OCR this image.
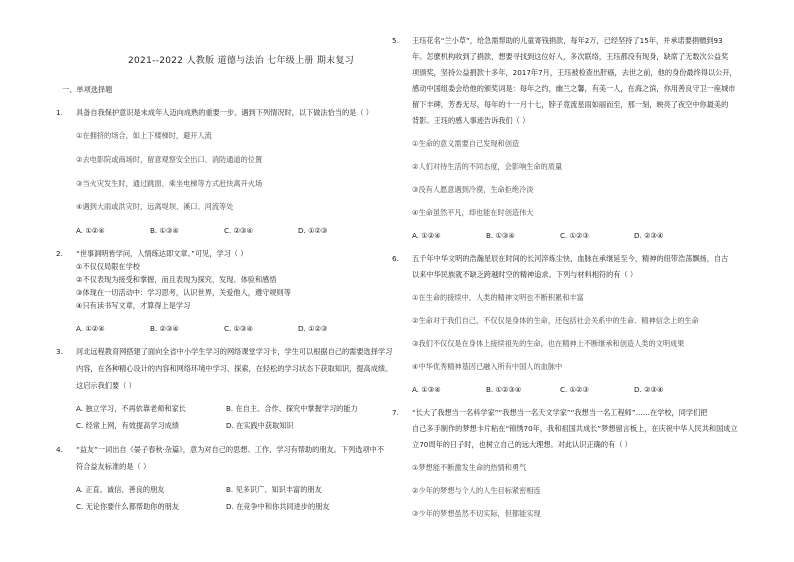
2021--2022 人教版 道德与法治 七年级上册 期末复习
一、单项选择题
1. 具备自我保护意识是未成年人迈向成熟的重要一步。遇到下列情况时，以下做法恰当的是（ ）
①在拥挤的场合，如上下楼梯时，避开人流
②去电影院或商场时，留意观察安全出口、消防通道的位置
③当火灾发生时，通过跳窗、乘坐电梯等方式赶快离开火场
④遇到大雨或洪灾时，远离堤坝、溪口、河流等处
A. ①②④	B. ①③④	C. ②③④	D. ①②③
2. “世事洞明皆学问，人情练达即文章。”可见，学习（ ）
①不仅仅局限在学校
②不仅表现为接受和掌握，而且表现为探究、发现、体验和感悟
③体现在一切活动中：学习思考，认识世界，关爱他人，遵守规则等
④只有读书写文章，才算得上是学习
A. ①②④	B. ②③④	C. ①③④	D. ①②③
3. 河北远程教育网搭建了面向全省中小学生学习的网络课堂学习卡，学生可以根据自己的需要选择学习
内容，在各种精心设计的内容和网络环境中学习、探索，在轻松的学习状态下获取知识，提高成绩。
这启示我们要（ ）
A. 独立学习，不再依靠老师和家长	B. 在自主、合作、探究中掌握学习的能力
C. 经常上网，有效提高学习成绩	D. 在实践中获取知识
4. “益友”一词出自《晏子春秋·杂篇》，意为对自己的思想、工作、学习有帮助的朋友。下列选项中不
符合益友标准的是（ ）
A. 正直、诚信、善良的朋友	B. 见多识广、知识丰富的朋友
C. 无论你要什么都帮助你的朋友	D. 在竞争中和你共同进步的朋友
5. 王珏花名“兰小草”，给急需帮助的儿童寄钱捐款，每年2万，已经坚持了15年，并承诺要捐赠到93
年。怎麽机构收到了捐款，想要寻找到这位好人，多次联络，王珏都没有现身，缺席了无数次公益奖
项颁奖，坚持公益捐款十多年，2017年7月，王珏被检查出肝癌，去世之前，他的身份最终得以公开，
感动中国组委会给他的颁奖词是：每年之约，幽兰之馨，有美一人，在海之滨，你用善良守卫一座城市
留下丰碑，芳香无尽，每年的十一月十七，脖子竟流星雨如丽而至，那一刻，映亮了夜空中你最美的
背影。王珏的感人事迹告诉我们（ ）
①生命的意义需要自己发现和创造
②人们对待生活的不同态度，会影响生命的质量
③没有人愿意遇到冷漠，生命拒绝冷淡
④生命虽然平凡，却也能在时创造伟大
A. ①②④	B. ①③④	C. ①②③	D. ②③④
6. 五千年中华文明的浩瀚星辰在时间的长河淬炼尘快，血脉在承继延至今，精神的纽带浩荡飘扬，自古
以来中华民族就不缺乏跨越时空的精神追求。下列与材料相符的有（ ）
①在生命的接续中，人类的精神文明也不断积累和丰富
②生命对于我们自己，不仅仅是身体的生命，还包括社会关系中的生命、精神信念上的生命
③我们不仅仅是在身体上接续祖先的生命，也在精神上不断继承和创造人类的文明成果
④中华优秀精神基因已融入所有中国人的血脉中
A. ①③④	B. ①②③④	C. ①②③	D. ②③④
7. “长大了我想当一名科学家”“我想当一名天文学家”“我想当一名工程师”……在学校，同学们把
自己多手制作的梦想卡片粘在“锦绣70年，我和祖国共成长”梦想留言板上，在庆祝中华人民共和国成立
立70周年的日子时，也树立自己的远大理想。对此认识正确的有（ ）
①梦想能不断激发生命的热情和勇气
②少年的梦想与个人的人生目标紧密相连
③少年的梦想虽然不切实际，但都能实现
